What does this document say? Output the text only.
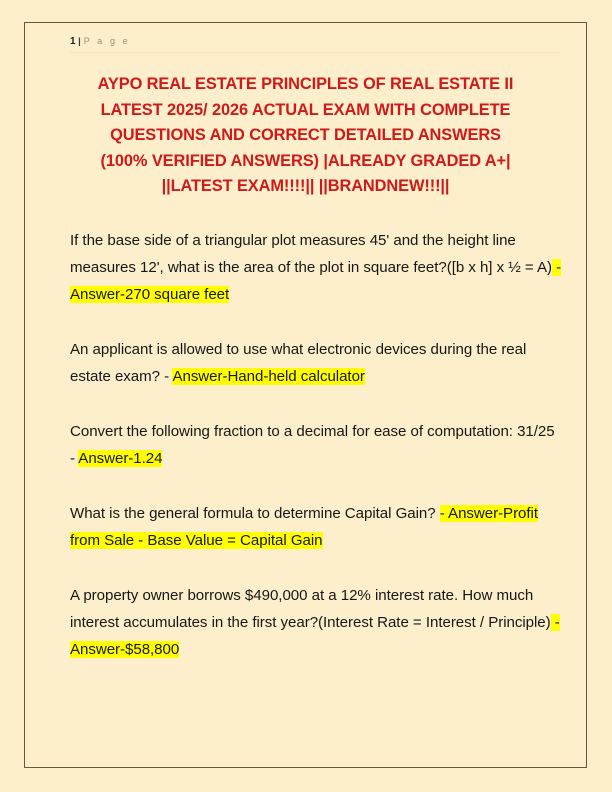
1 | P a g e
AYPO REAL ESTATE PRINCIPLES OF REAL ESTATE II
LATEST 2025/ 2026 ACTUAL EXAM WITH COMPLETE
QUESTIONS AND CORRECT DETAILED ANSWERS
(100% VERIFIED ANSWERS) |ALREADY GRADED A+|
||LATEST EXAM!!!!|| ||BRANDNEW!!!||

If the base side of a triangular plot measures 45' and the height line measures 12', what is the area of the plot in square feet?([b x h] x ½ = A) - Answer-270 square feet

An applicant is allowed to use what electronic devices during the real estate exam? - Answer-Hand-held calculator

Convert the following fraction to a decimal for ease of computation: 31/25 - Answer-1.24

What is the general formula to determine Capital Gain? - Answer-Profit from Sale - Base Value = Capital Gain

A property owner borrows $490,000 at a 12% interest rate. How much interest accumulates in the first year?(Interest Rate = Interest / Principle) - Answer-$58,800
